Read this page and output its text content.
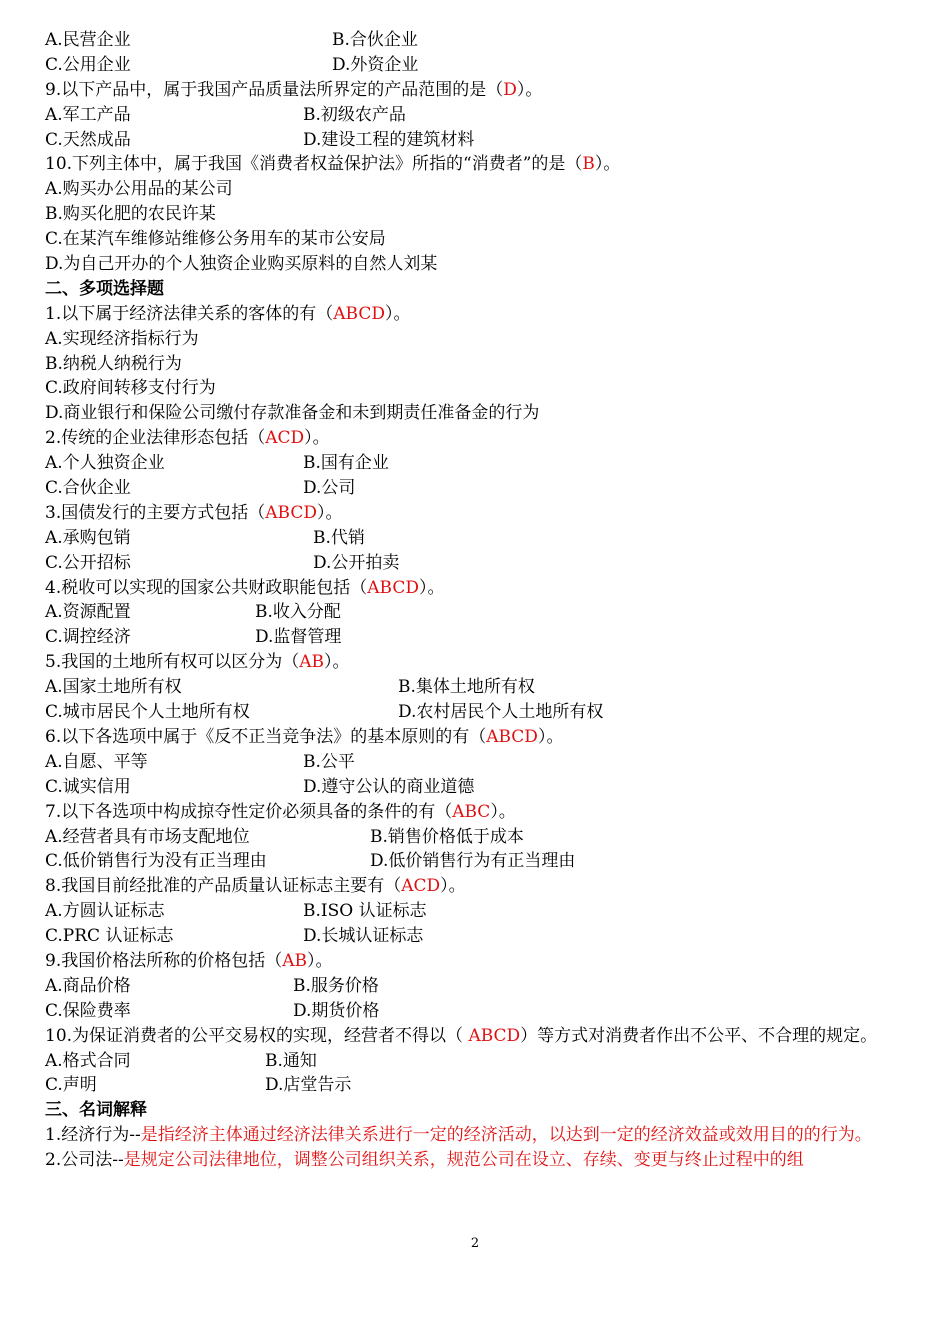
A.民营企业	B.合伙企业
C.公用企业	D.外资企业
9.以下产品中，属于我国产品质量法所界定的产品范围的是（D）。
A.军工产品	B.初级农产品
C.天然成品	D.建设工程的建筑材料
10.下列主体中，属于我国《消费者权益保护法》所指的“消费者”的是（B）。
A.购买办公用品的某公司
B.购买化肥的农民许某
C.在某汽车维修站维修公务用车的某市公安局
D.为自己开办的个人独资企业购买原料的自然人刘某
二、多项选择题
1.以下属于经济法律关系的客体的有（ABCD）。
A.实现经济指标行为
B.纳税人纳税行为
C.政府间转移支付行为
D.商业银行和保险公司缴付存款准备金和未到期责任准备金的行为
2.传统的企业法律形态包括（ACD）。
A.个人独资企业	B.国有企业
C.合伙企业	D.公司
3.国债发行的主要方式包括（ABCD）。
A.承购包销	B.代销
C.公开招标	D.公开拍卖
4.税收可以实现的国家公共财政职能包括（ABCD）。
A.资源配置	B.收入分配
C.调控经济	D.监督管理
5.我国的土地所有权可以区分为（AB）。
A.国家土地所有权	B.集体土地所有权
C.城市居民个人土地所有权	D.农村居民个人土地所有权
6.以下各选项中属于《反不正当竞争法》的基本原则的有（ABCD）。
A.自愿、平等	B.公平
C.诚实信用	D.遵守公认的商业道德
7.以下各选项中构成掠夺性定价必须具备的条件的有（ABC）。
A.经营者具有市场支配地位	B.销售价格低于成本
C.低价销售行为没有正当理由	D.低价销售行为有正当理由
8.我国目前经批准的产品质量认证标志主要有（ACD）。
A.方圆认证标志	B.ISO 认证标志
C.PRC 认证标志	D.长城认证标志
9.我国价格法所称的价格包括（AB）。
A.商品价格	B.服务价格
C.保险费率	D.期货价格
10.为保证消费者的公平交易权的实现，经营者不得以（ ABCD）等方式对消费者作出不公平、不合理的规定。
A.格式合同	B.通知
C.声明	D.店堂告示
三、名词解释
1.经济行为--是指经济主体通过经济法律关系进行一定的经济活动，以达到一定的经济效益或效用目的的行为。
2.公司法--是规定公司法律地位，调整公司组织关系，规范公司在设立、存续、变更与终止过程中的组
2
